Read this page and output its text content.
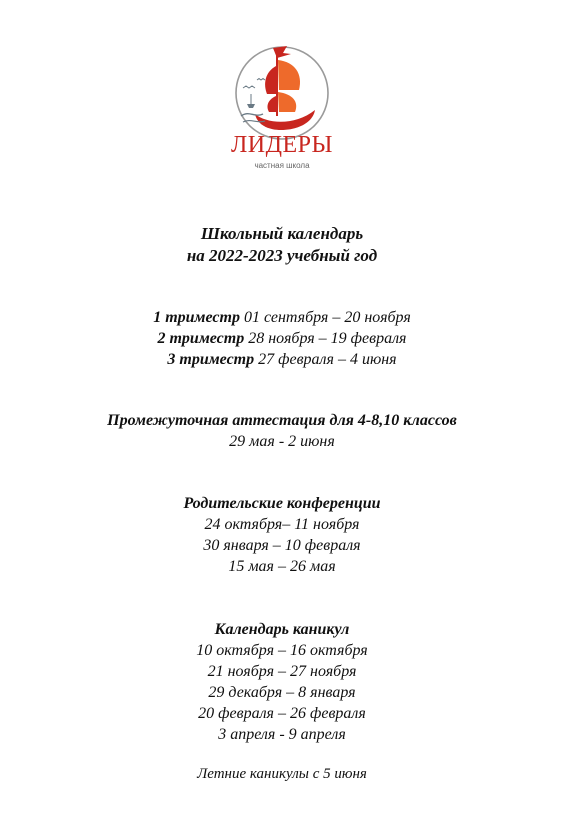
ЛИДЕРЫ
частная школа
Школьный календарь
на 2022-2023 учебный год
1 триместр 01 сентября – 20 ноября
2 триместр 28 ноября – 19 февраля
3 триместр 27 февраля – 4 июня
Промежуточная аттестация для 4-8,10 классов
29 мая - 2 июня
Родительские конференции
24 октября– 11 ноября
30 января – 10 февраля
15 мая – 26 мая
Календарь каникул
10 октября – 16 октября
21 ноября – 27 ноября
29 декабря – 8 января
20 февраля – 26 февраля
3 апреля - 9 апреля
Летние каникулы с 5 июня
